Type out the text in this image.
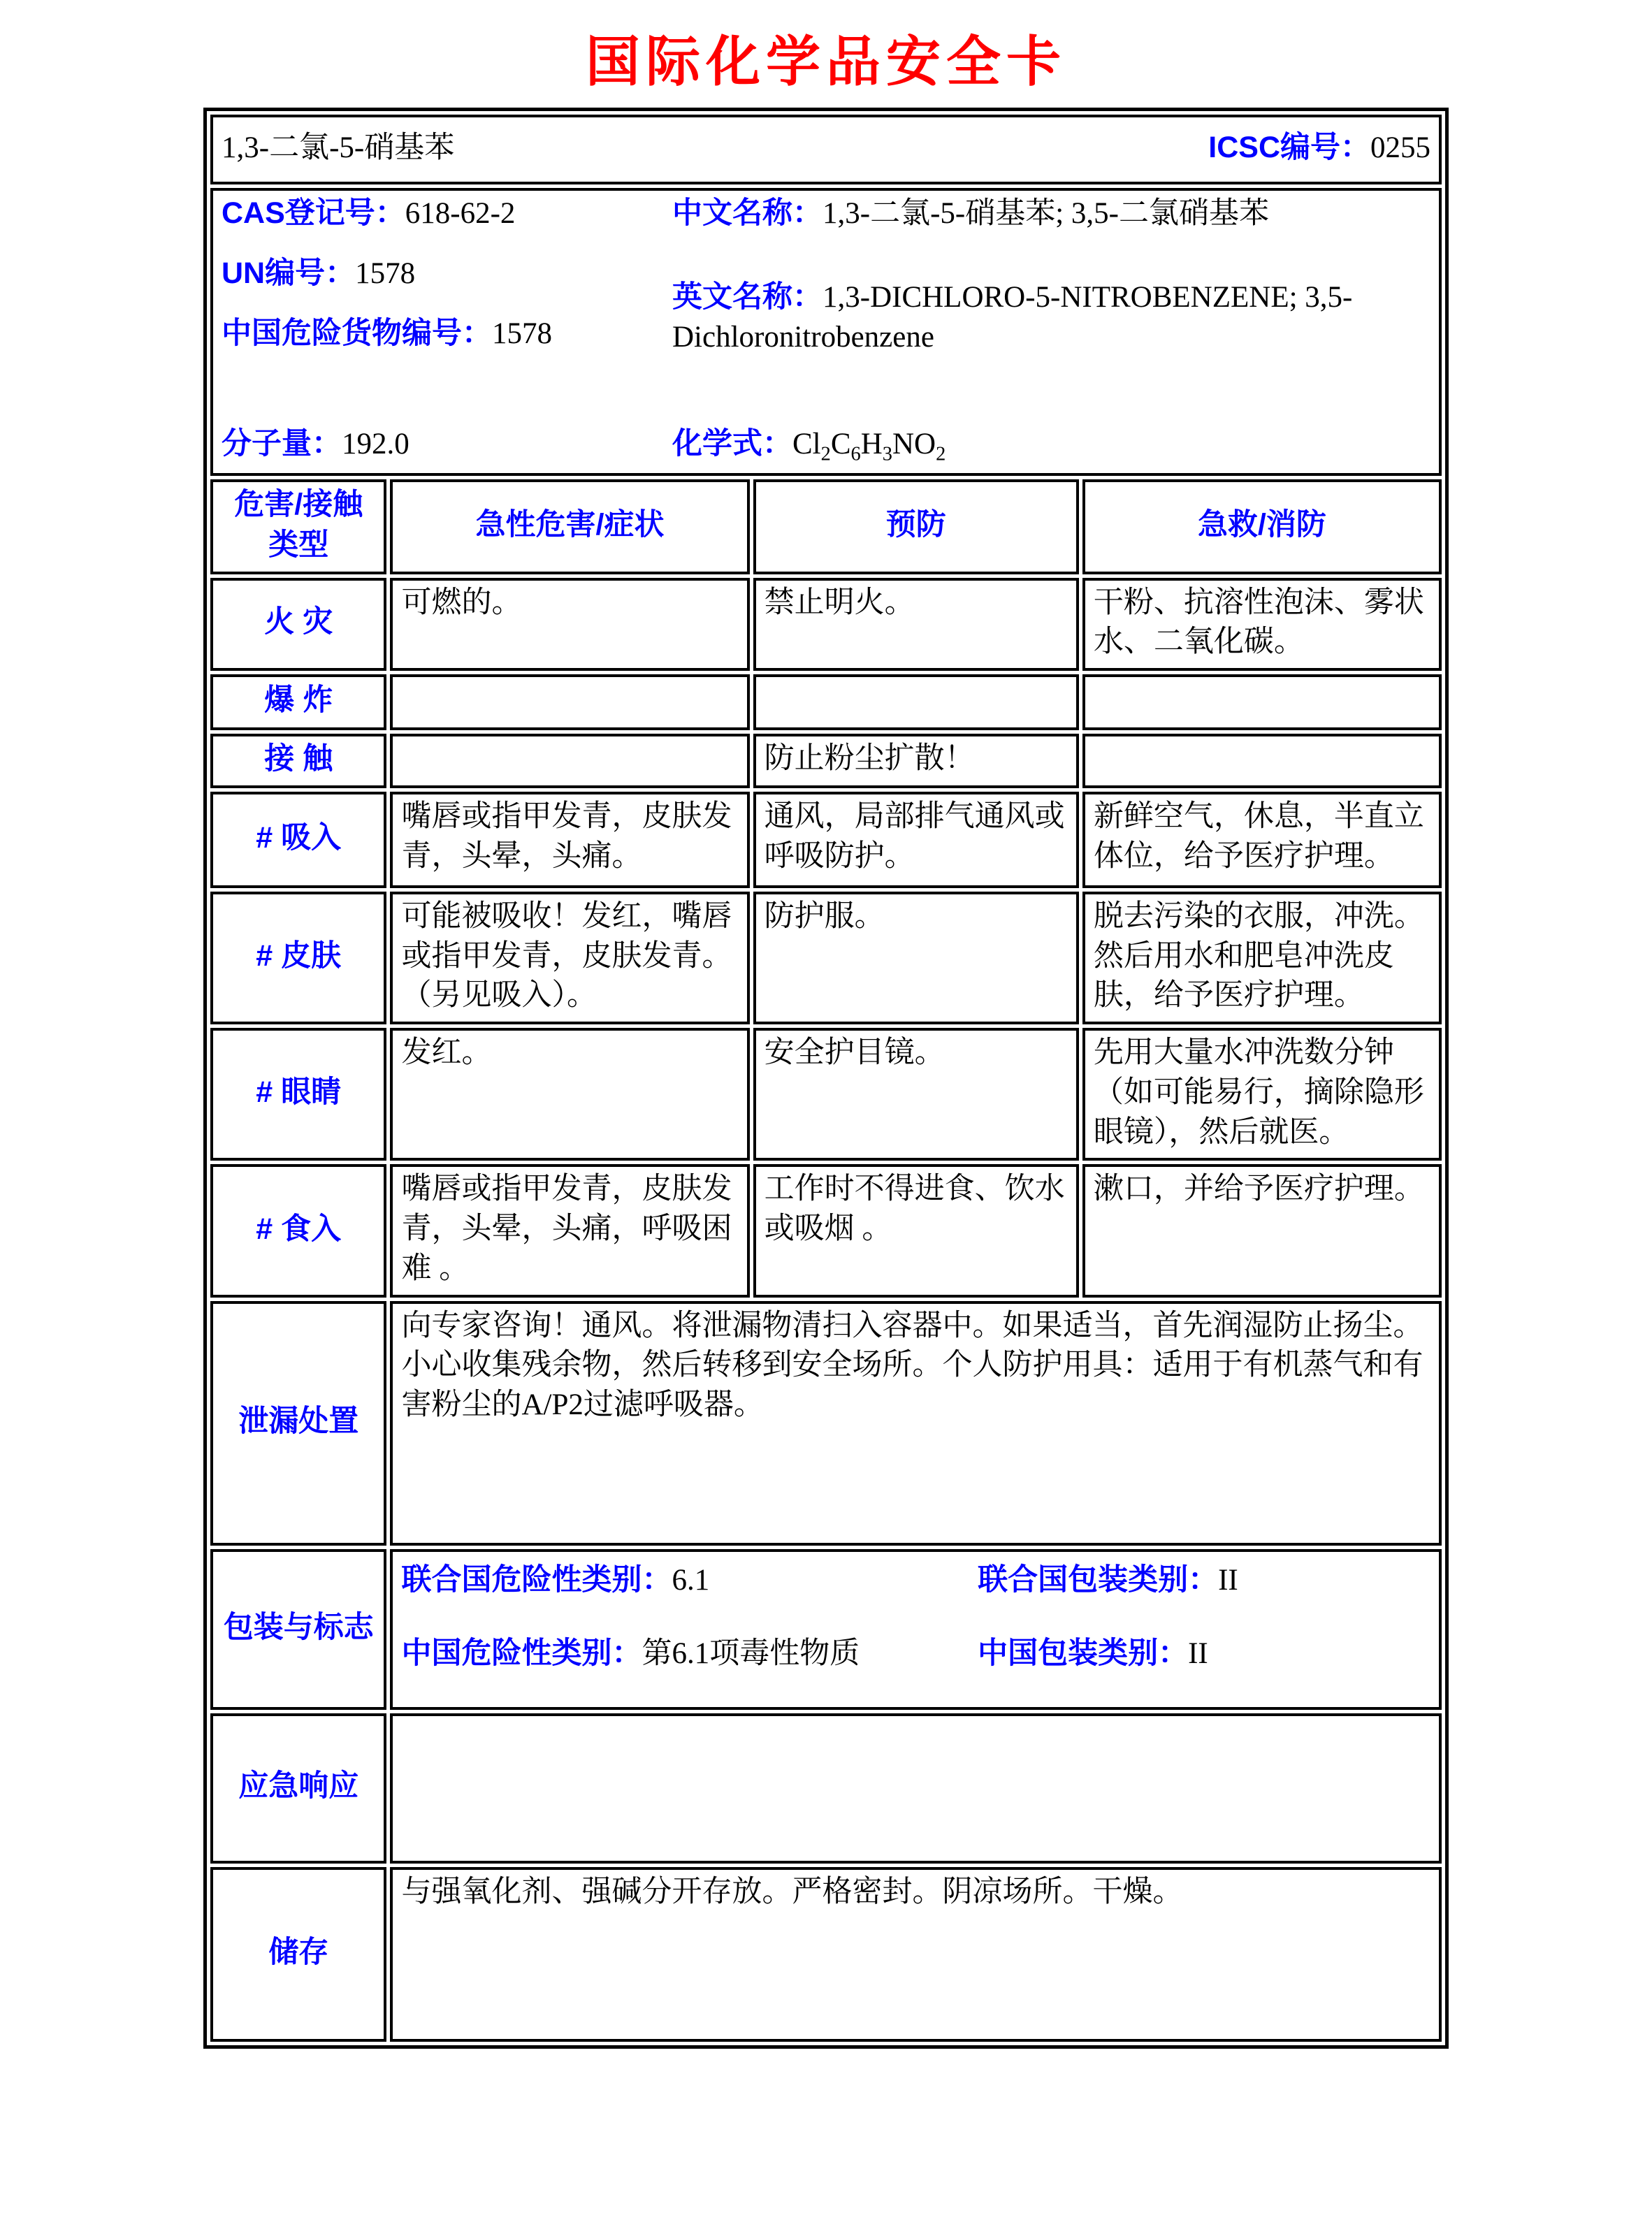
国际化学品安全卡
1,3-二氯-5-硝基苯 ICSC编号：0255			

CAS登记号：618-62-2
UN编号：1578
中国危险货物编号：1578
中文名称：1,3-二氯-5-硝基苯; 3,5-二氯硝基苯
英文名称：1,3-DICHLORO-5-NITROBENZENE; 3,5-Dichloronitrobenzene
分子量：192.0	化学式：$Cl_2C_6H_3NO_2$

危害/接触
类型	急性危害/症状	预防	急救/消防
火 灾	可燃的。	禁止明火。	干粉、抗溶性泡沫、雾状水、二氧化碳。
爆 炸			
接 触		防止粉尘扩散！	
# 吸入	嘴唇或指甲发青，皮肤发青，头晕，头痛。	通风，局部排气通风或呼吸防护。	新鲜空气，休息，半直立体位，给予医疗护理。
# 皮肤	可能被吸收！发红，嘴唇或指甲发青，皮肤发青。（另见吸入）。	防护服。	脱去污染的衣服，冲洗。然后用水和肥皂冲洗皮肤，给予医疗护理。
# 眼睛	发红。	安全护目镜。	先用大量水冲洗数分钟（如可能易行，摘除隐形眼镜），然后就医。
# 食入	嘴唇或指甲发青，皮肤发青，头晕，头痛，呼吸困难 。	工作时不得进食、饮水或吸烟 。	漱口，并给予医疗护理。
泄漏处置	向专家咨询！通风。将泄漏物清扫入容器中。如果适当，首先润湿防止扬尘。小心收集残余物，然后转移到安全场所。个人防护用具：适用于有机蒸气和有害粉尘的A/P2过滤呼吸器。		
包装与标志	联合国危险性类别：6.1 联合国包装类别：II
中国危险性类别：第6.1项毒性物质 中国包装类别：II		

应急响应			
储存	与强氧化剂、强碱分开存放。严格密封。阴凉场所。干燥。		
